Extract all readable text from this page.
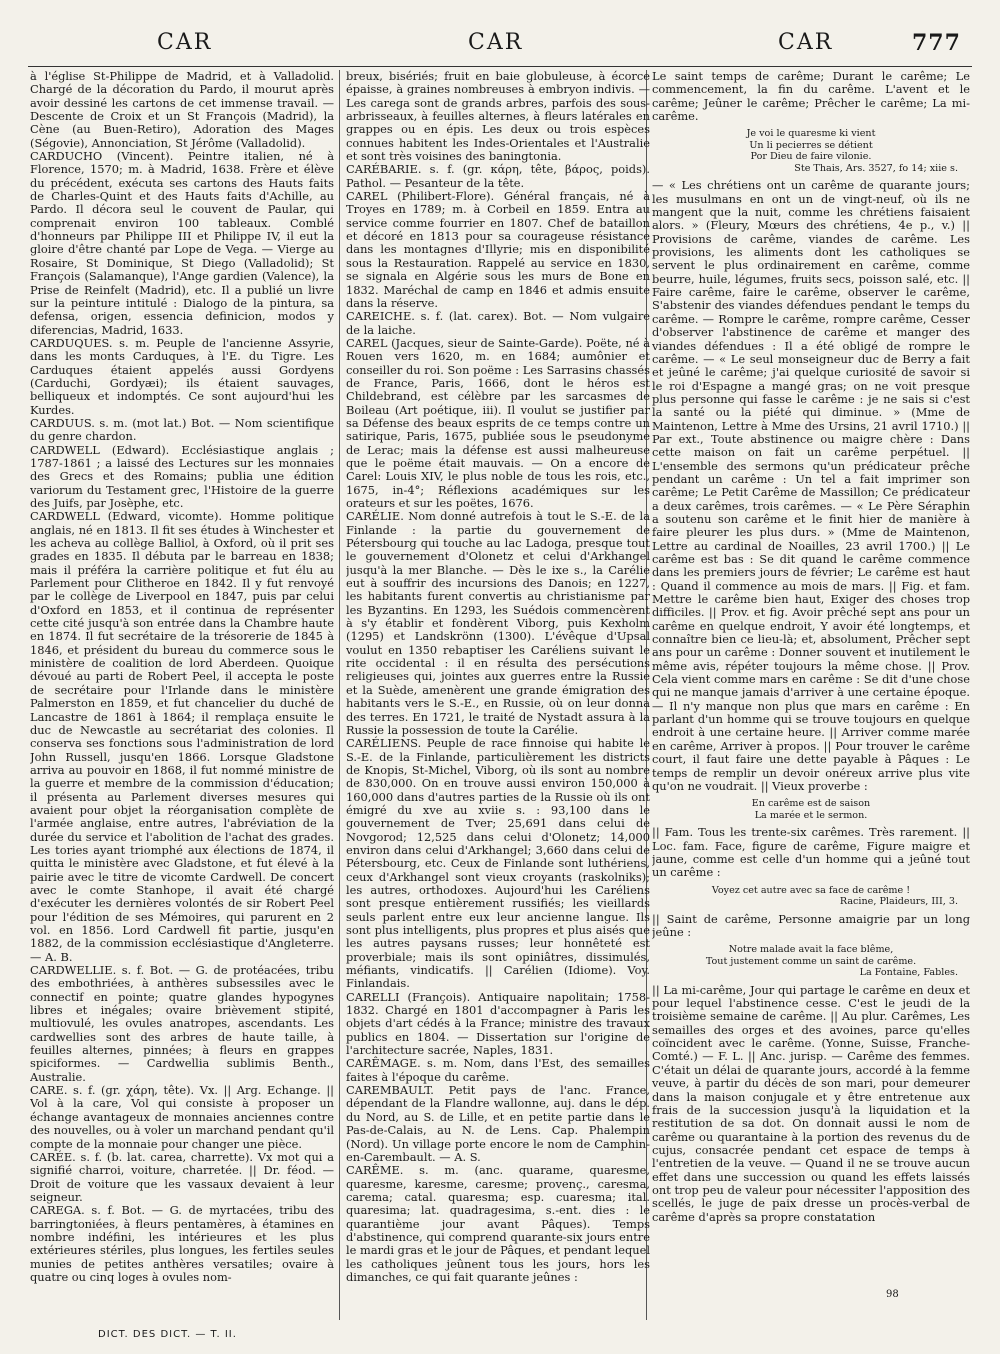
CAR	CAR	CAR	777

à l'église St-Philippe de Madrid, et à Valladolid. Chargé de la décoration du Pardo, il mourut après avoir dessiné les cartons de cet immense travail. — Descente de Croix et un St François (Madrid), la Cène (au Buen-Retiro), Adoration des Mages (Ségovie), Annonciation, St Jérôme (Valladolid).

CARDUCHO (Vincent). Peintre italien, né à Florence, 1570; m. à Madrid, 1638. Frère et élève du précédent, exécuta ses cartons des Hauts faits de Charles-Quint et des Hauts faits d'Achille, au Pardo. Il décora seul le couvent de Paular, qui comprenait environ 100 tableaux. Comblé d'honneurs par Philippe III et Philippe IV, il eut la gloire d'être chanté par Lope de Vega. — Vierge au Rosaire, St Dominique, St Diego (Valladolid); St François (Salamanque), l'Ange gardien (Valence), la Prise de Reinfelt (Madrid), etc. Il a publié un livre sur la peinture intitulé : Dialogo de la pintura, sa defensa, origen, essencia definicion, modos y diferencias, Madrid, 1633.

CARDUQUES. s. m. Peuple de l'ancienne Assyrie, dans les monts Carduques, à l'E. du Tigre. Les Carduques étaient appelés aussi Gordyens (Carduchi, Gordyæi); ils étaient sauvages, belliqueux et indomptés. Ce sont aujourd'hui les Kurdes.

CARDUUS. s. m. (mot lat.) Bot. — Nom scientifique du genre chardon.

CARDWELL (Edward). Ecclésiastique anglais ; 1787-1861 ; a laissé des Lectures sur les monnaies des Grecs et des Romains; publia une édition variorum du Testament grec, l'Histoire de la guerre des Juifs, par Josèphe, etc.

CARDWELL (Edward, vicomte). Homme politique anglais, né en 1813. Il fit ses études à Winchester et les acheva au collège Balliol, à Oxford, où il prit ses grades en 1835. Il débuta par le barreau en 1838; mais il préféra la carrière politique et fut élu au Parlement pour Clitheroe en 1842. Il y fut renvoyé par le collège de Liverpool en 1847, puis par celui d'Oxford en 1853, et il continua de représenter cette cité jusqu'à son entrée dans la Chambre haute en 1874. Il fut secrétaire de la trésorerie de 1845 à 1846, et président du bureau du commerce sous le ministère de coalition de lord Aberdeen. Quoique dévoué au parti de Robert Peel, il accepta le poste de secrétaire pour l'Irlande dans le ministère Palmerston en 1859, et fut chancelier du duché de Lancastre de 1861 à 1864; il remplaça ensuite le duc de Newcastle au secrétariat des colonies. Il conserva ses fonctions sous l'administration de lord John Russell, jusqu'en 1866. Lorsque Gladstone arriva au pouvoir en 1868, il fut nommé ministre de la guerre et membre de la commission d'éducation; il présenta au Parlement diverses mesures qui avaient pour objet la réorganisation complète de l'armée anglaise, entre autres, l'abréviation de la durée du service et l'abolition de l'achat des grades. Les tories ayant triomphé aux élections de 1874, il quitta le ministère avec Gladstone, et fut élevé à la pairie avec le titre de vicomte Cardwell. De concert avec le comte Stanhope, il avait été chargé d'exécuter les dernières volontés de sir Robert Peel pour l'édition de ses Mémoires, qui parurent en 2 vol. en 1856. Lord Cardwell fit partie, jusqu'en 1882, de la commission ecclésiastique d'Angleterre. — A. B.

CARDWELLIE. s. f. Bot. — G. de protéacées, tribu des embothriées, à anthères subsessiles avec le connectif en pointe; quatre glandes hypogynes libres et inégales; ovaire brièvement stipité, multiovulé, les ovules anatropes, ascendants. Les cardwellies sont des arbres de haute taille, à feuilles alternes, pinnées; à fleurs en grappes spiciformes. — Cardwellia sublimis Benth., Australie.

CARE. s. f. (gr. χάρη, tête). Vx. || Arg. Echange. || Vol à la care, Vol qui consiste à proposer un échange avantageux de monnaies anciennes contre des nouvelles, ou à voler un marchand pendant qu'il compte de la monnaie pour changer une pièce.

CARÉE. s. f. (b. lat. carea, charrette). Vx mot qui a signifié charroi, voiture, charretée. || Dr. féod. — Droit de voiture que les vassaux devaient à leur seigneur.

CAREGA. s. f. Bot. — G. de myrtacées, tribu des barringtoniées, à fleurs pentamères, à étamines en nombre indéfini, les intérieures et les plus extérieures stériles, plus longues, les fertiles seules munies de petites anthères versatiles; ovaire à quatre ou cinq loges à ovules nom-

breux, bisériés; fruit en baie globuleuse, à écorce épaisse, à graines nombreuses à embryon indivis. — Les carega sont de grands arbres, parfois des sous-arbrisseaux, à feuilles alternes, à fleurs latérales en grappes ou en épis. Les deux ou trois espèces connues habitent les Indes-Orientales et l'Australie et sont très voisines des baningtonia.

CARÉBARIE. s. f. (gr. κάρη, tête, βάρος, poids). Pathol. — Pesanteur de la tête.

CAREL (Philibert-Flore). Général français, né à Troyes en 1789; m. à Corbeil en 1859. Entra au service comme fourrier en 1807. Chef de bataillon et décoré en 1813 pour sa courageuse résistance dans les montagnes d'Illyrie; mis en disponibilité sous la Restauration. Rappelé au service en 1830, se signala en Algérie sous les murs de Bone en 1832. Maréchal de camp en 1846 et admis ensuite dans la réserve.

CAREICHE. s. f. (lat. carex). Bot. — Nom vulgaire de la laiche.

CAREL (Jacques, sieur de Sainte-Garde). Poëte, né à Rouen vers 1620, m. en 1684; aumônier et conseiller du roi. Son poëme : Les Sarrasins chassés de France, Paris, 1666, dont le héros est Childebrand, est célèbre par les sarcasmes de Boileau (Art poétique, iii). Il voulut se justifier par sa Défense des beaux esprits de ce temps contre un satirique, Paris, 1675, publiée sous le pseudonyme de Lerac; mais la défense est aussi malheureuse que le poëme était mauvais. — On a encore de Carel: Louis XIV, le plus noble de tous les rois, etc., 1675, in-4°; Réflexions académiques sur les orateurs et sur les poëtes, 1676.

CARÉLIE. Nom donné autrefois à tout le S.-E. de la Finlande : la partie du gouvernement de Pétersbourg qui touche au lac Ladoga, presque tout le gouvernement d'Olonetz et celui d'Arkhangel jusqu'à la mer Blanche. — Dès le ixe s., la Carélie eut à souffrir des incursions des Danois; en 1227, les habitants furent convertis au christianisme par les Byzantins. En 1293, les Suédois commencèrent à s'y établir et fondèrent Viborg, puis Kexholm (1295) et Landskrönn (1300). L'évêque d'Upsal voulut en 1350 rebaptiser les Caréliens suivant le rite occidental : il en résulta des persécutions religieuses qui, jointes aux guerres entre la Russie et la Suède, amenèrent une grande émigration des habitants vers le S.-E., en Russie, où on leur donna des terres. En 1721, le traité de Nystadt assura à la Russie la possession de toute la Carélie.

CARÉLIENS. Peuple de race finnoise qui habite le S.-E. de la Finlande, particulièrement les districts de Knopis, St-Michel, Viborg, où ils sont au nombre de 830,000. On en trouve aussi environ 150,000 à 160,000 dans d'autres parties de la Russie où ils ont émigré du xve au xviie s. : 93,100 dans le gouvernement de Tver; 25,691 dans celui de Novgorod; 12,525 dans celui d'Olonetz; 14,000 environ dans celui d'Arkhangel; 3,660 dans celui de Pétersbourg, etc. Ceux de Finlande sont luthériens, ceux d'Arkhangel sont vieux croyants (raskolniks); les autres, orthodoxes. Aujourd'hui les Caréliens sont presque entièrement russifiés; les vieillards seuls parlent entre eux leur ancienne langue. Ils sont plus intelligents, plus propres et plus aisés que les autres paysans russes; leur honnêteté est proverbiale; mais ils sont opiniâtres, dissimulés, méfiants, vindicatifs. || Carélien (Idiome). Voy. Finlandais.

CARELLI (François). Antiquaire napolitain; 1758-1832. Chargé en 1801 d'accompagner à Paris les objets d'art cédés à la France; ministre des travaux publics en 1804. — Dissertation sur l'origine de l'architecture sacrée, Naples, 1831.

CARÊMAGE. s. m. Nom, dans l'Est, des semailles faites à l'époque du carême.

CAREMBAULT. Petit pays de l'anc. France, dépendant de la Flandre wallonne, auj. dans le dép. du Nord, au S. de Lille, et en petite partie dans le Pas-de-Calais, au N. de Lens. Cap. Phalempin (Nord). Un village porte encore le nom de Camphin-en-Carembault. — A. S.

CARÊME. s. m. (anc. quarame, quaresme, quaresme, karesme, caresme; provenç., caresma, carema; catal. quaresma; esp. cuaresma; ital. quaresima; lat. quadragesima, s.-ent. dies : le quarantième jour avant Pâques). Temps d'abstinence, qui comprend quarante-six jours entre le mardi gras et le jour de Pâques, et pendant lequel les catholiques jeûnent tous les jours, hors les dimanches, ce qui fait quarante jeûnes :

Le saint temps de carême; Durant le carême; Le commencement, la fin du carême. L'avent et le carême; Jeûner le carême; Prêcher le carême; La mi-carême.

Je voi le quaresme ki vient
Un li pecierres se détient
Por Dieu de faire vilonie.
Ste Thais, Ars. 3527, fo 14; xiie s.

— « Les chrétiens ont un carême de quarante jours; les musulmans en ont un de vingt-neuf, où ils ne mangent que la nuit, comme les chrétiens faisaient alors. » (Fleury, Mœurs des chrétiens, 4e p., v.) || Provisions de carême, viandes de carême. Les provisions, les aliments dont les catholiques se servent le plus ordinairement en carême, comme beurre, huile, légumes, fruits secs, poisson salé, etc. || Faire carême, faire le carême, observer le carême, S'abstenir des viandes défendues pendant le temps du carême. — Rompre le carême, rompre carême, Cesser d'observer l'abstinence de carême et manger des viandes défendues : Il a été obligé de rompre le carême. — « Le seul monseigneur duc de Berry a fait et jeûné le carême; j'ai quelque curiosité de savoir si le roi d'Espagne a mangé gras; on ne voit presque plus personne qui fasse le carême : je ne sais si c'est la santé ou la piété qui diminue. » (Mme de Maintenon, Lettre à Mme des Ursins, 21 avril 1710.) || Par ext., Toute abstinence ou maigre chère : Dans cette maison on fait un carême perpétuel. || L'ensemble des sermons qu'un prédicateur prêche pendant un carême : Un tel a fait imprimer son carême; Le Petit Carême de Massillon; Ce prédicateur a deux carêmes, trois carêmes. — « Le Père Séraphin a soutenu son carême et le finit hier de manière à faire pleurer les plus durs. » (Mme de Maintenon, Lettre au cardinal de Noailles, 23 avril 1700.) || Le carême est bas : Se dit quand le carême commence dans les premiers jours de février; Le carême est haut : Quand il commence au mois de mars. || Fig. et fam. Mettre le carême bien haut, Exiger des choses trop difficiles. || Prov. et fig. Avoir prêché sept ans pour un carême en quelque endroit, Y avoir été longtemps, et connaître bien ce lieu-là; et, absolument, Prêcher sept ans pour un carême : Donner souvent et inutilement le même avis, répéter toujours la même chose. || Prov. Cela vient comme mars en carême : Se dit d'une chose qui ne manque jamais d'arriver à une certaine époque. — Il n'y manque non plus que mars en carême : En parlant d'un homme qui se trouve toujours en quelque endroit à une certaine heure. || Arriver comme marée en carême, Arriver à propos. || Pour trouver le carême court, il faut faire une dette payable à Pâques : Le temps de remplir un devoir onéreux arrive plus vite qu'on ne voudrait. || Vieux proverbe :

En carême est de saison
La marée et le sermon.

|| Fam. Tous les trente-six carêmes. Très rarement. || Loc. fam. Face, figure de carême, Figure maigre et jaune, comme est celle d'un homme qui a jeûné tout un carême :

Voyez cet autre avec sa face de carême !
Racine, Plaideurs, III, 3.

|| Saint de carême, Personne amaigrie par un long jeûne :

Notre malade avait la face blême,
Tout justement comme un saint de carême.
La Fontaine, Fables.

|| La mi-carême, Jour qui partage le carême en deux et pour lequel l'abstinence cesse. C'est le jeudi de la troisième semaine de carême. || Au plur. Carêmes, Les semailles des orges et des avoines, parce qu'elles coïncident avec le carême. (Yonne, Suisse, Franche-Comté.) — F. L. || Anc. jurisp. — Carême des femmes. C'était un délai de quarante jours, accordé à la femme veuve, à partir du décès de son mari, pour demeurer dans la maison conjugale et y être entretenue aux frais de la succession jusqu'à la liquidation et la restitution de sa dot. On donnait aussi le nom de carême ou quarantaine à la portion des revenus du de cujus, consacrée pendant cet espace de temps à l'entretien de la veuve. — Quand il ne se trouve aucun effet dans une succession ou quand les effets laissés ont trop peu de valeur pour nécessiter l'apposition des scellés, le juge de paix dresse un procès-verbal de carême d'après sa propre constatation

DICT. DES DICT. — T. II.
98
